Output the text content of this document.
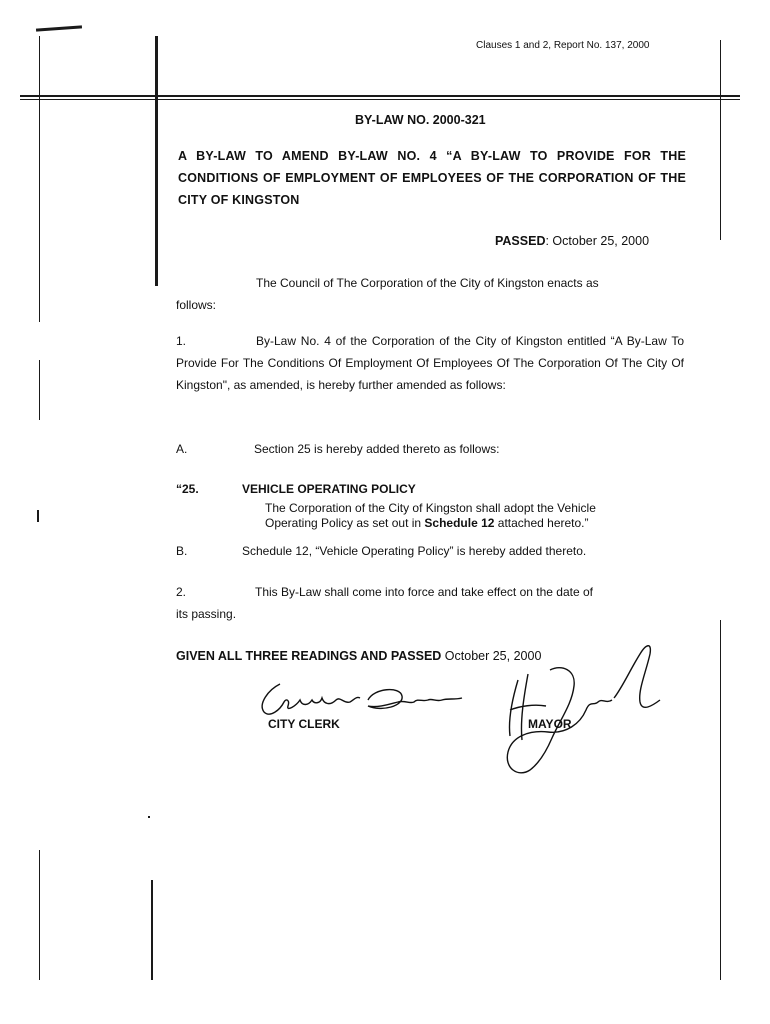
Clauses 1 and 2, Report No. 137, 2000
BY-LAW NO. 2000-321
A BY-LAW TO AMEND BY-LAW NO. 4 “A BY-LAW TO PROVIDE FOR THE CONDITIONS OF EMPLOYMENT OF EMPLOYEES OF THE CORPORATION OF THE CITY OF KINGSTON
PASSED: October 25, 2000
The Council of The Corporation of the City of Kingston enacts as
follows:
1.	By-Law No. 4 of the Corporation of the City of Kingston entitled “A By-Law To Provide For The Conditions Of Employment Of Employees Of The Corporation Of The City Of Kingston", as amended, is hereby further amended as follows:
A.	Section 25 is hereby added thereto as follows:
“25.	VEHICLE OPERATING POLICY
The Corporation of the City of Kingston shall adopt the Vehicle
Operating Policy as set out in Schedule 12 attached hereto.”
B.	Schedule 12, “Vehicle Operating Policy” is hereby added thereto.
2.	This By-Law shall come into force and take effect on the date of
its passing.
GIVEN ALL THREE READINGS AND PASSED October 25, 2000
CITY CLERK	MAYOR
